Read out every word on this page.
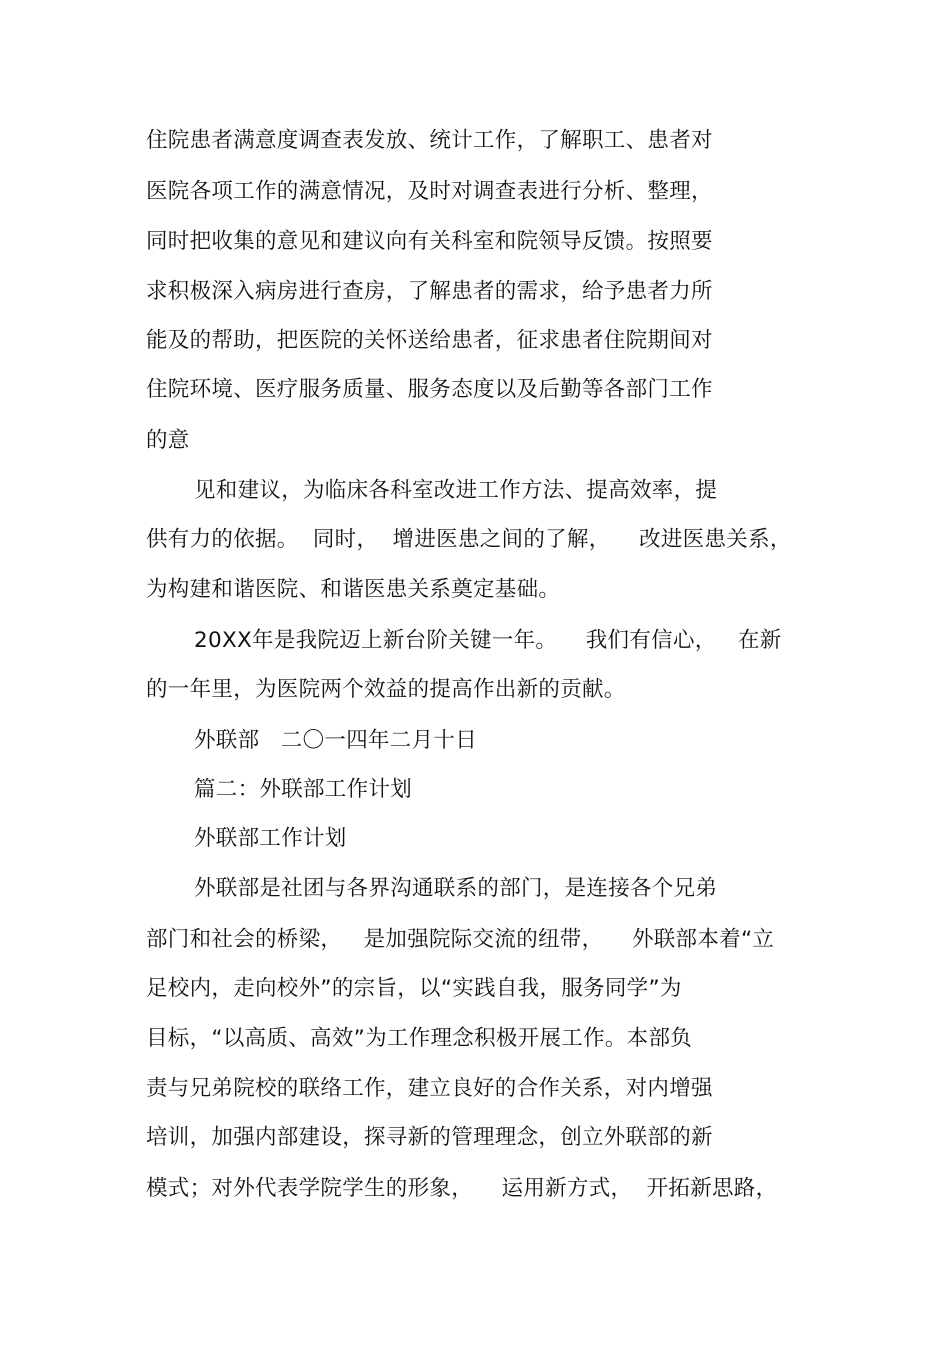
住院患者满意度调查表发放、统计工作，了解职工、患者对
医院各项工作的满意情况，及时对调查表进行分析、整理，
同时把收集的意见和建议向有关科室和院领导反馈。按照要
求积极深入病房进行查房，了解患者的需求，给予患者力所
能及的帮助，把医院的关怀送给患者，征求患者住院期间对
住院环境、医疗服务质量、服务态度以及后勤等各部门工作
的意
见和建议，为临床各科室改进工作方法、提高效率，提
供有力的依据。  同时，  增进医患之间的了解，    改进医患关系，
为构建和谐医院、和谐医患关系奠定基础。
20XX年是我院迈上新台阶关键一年。    我们有信心，   在新
的一年里，为医院两个效益的提高作出新的贡献。
外联部   二〇一四年二月十日
篇二：外联部工作计划
外联部工作计划
外联部是社团与各界沟通联系的部门，是连接各个兄弟
部门和社会的桥梁，   是加强院际交流的纽带，    外联部本着“立
足校内，走向校外”的宗旨，以“实践自我，服务同学”为
目标，“以高质、高效”为工作理念积极开展工作。本部负
责与兄弟院校的联络工作，建立良好的合作关系，对内增强
培训，加强内部建设，探寻新的管理理念，创立外联部的新
模式；对外代表学院学生的形象，    运用新方式，  开拓新思路，
